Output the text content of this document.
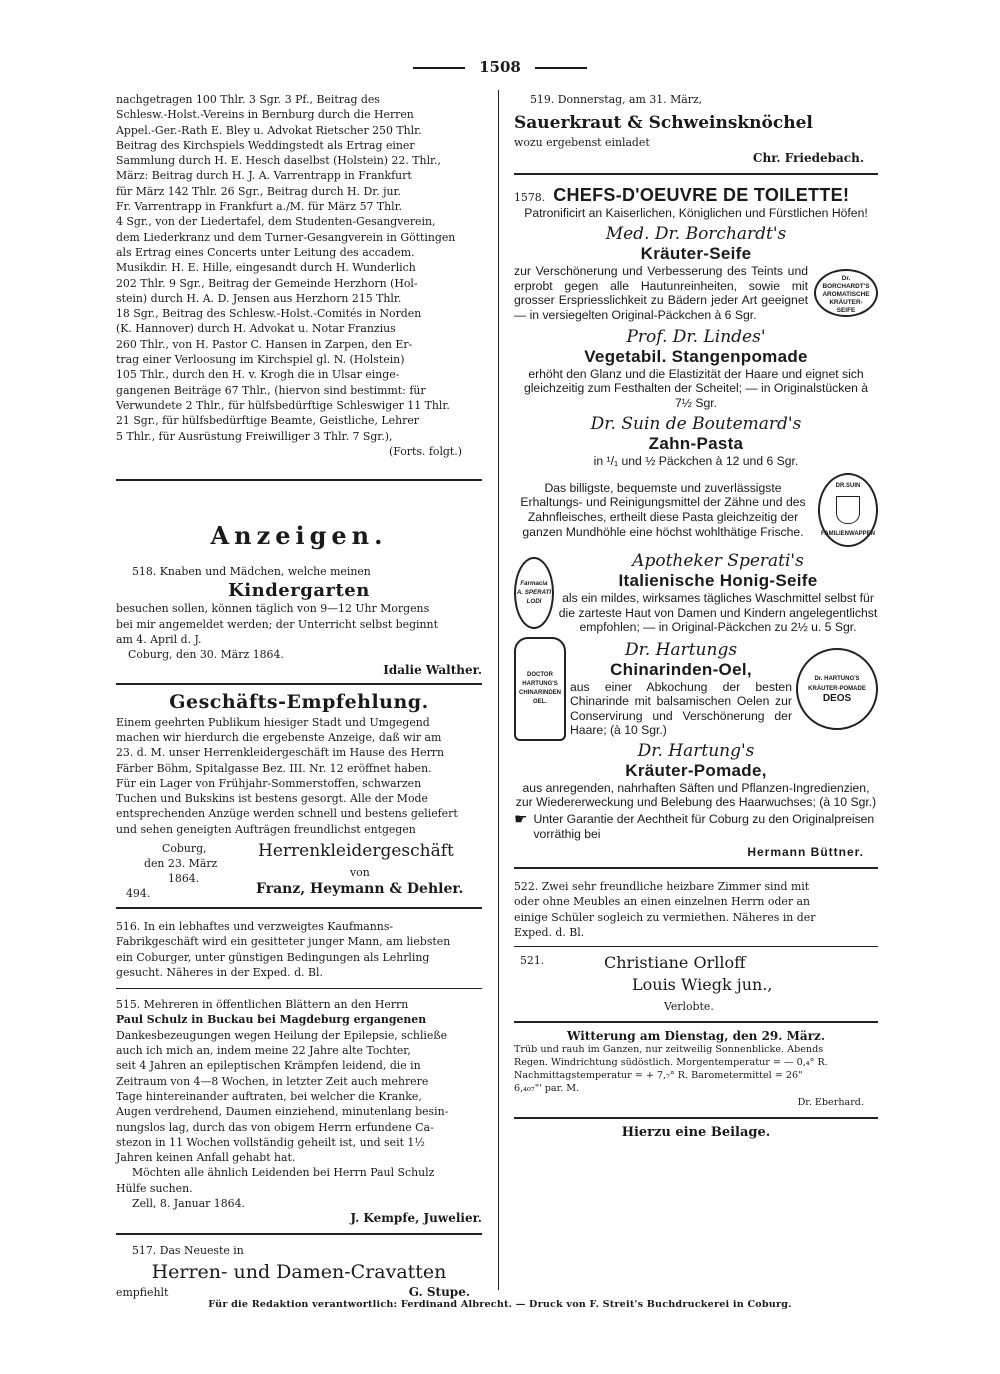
1508

nachgetragen 100 Thlr. 3 Sgr. 3 Pf., Beitrag des

Schlesw.-Holst.-Vereins in Bernburg durch die Herren

Appel.-Ger.-Rath E. Bley u. Advokat Rietscher 250 Thlr.

Beitrag des Kirchspiels Weddingstedt als Ertrag einer

Sammlung durch H. E. Hesch daselbst (Holstein) 22. Thlr.,

März: Beitrag durch H. J. A. Varrentrapp in Frankfurt

für März 142 Thlr. 26 Sgr., Beitrag durch H. Dr. jur.

Fr. Varrentrapp in Frankfurt a./M. für März 57 Thlr.

4 Sgr., von der Liedertafel, dem Studenten-Gesangverein,

dem Liederkranz und dem Turner-Gesangverein in Göttingen

als Ertrag eines Concerts unter Leitung des accadem.

Musikdir. H. E. Hille, eingesandt durch H. Wunderlich

202 Thlr. 9 Sgr., Beitrag der Gemeinde Herzhorn (Hol-

stein) durch H. A. D. Jensen aus Herzhorn 215 Thlr.

18 Sgr., Beitrag des Schlesw.-Holst.-Comités in Norden

(K. Hannover) durch H. Advokat u. Notar Franzius

260 Thlr., von H. Pastor C. Hansen in Zarpen, den Er-

trag einer Verloosung im Kirchspiel gl. N. (Holstein)

105 Thlr., durch den H. v. Krogh die in Ulsar einge-

gangenen Beiträge 67 Thlr., (hiervon sind bestimmt: für

Verwundete 2 Thlr., für hülfsbedürftige Schleswiger 11 Thlr.

21 Sgr., für hülfsbedürftige Beamte, Geistliche, Lehrer

5 Thlr., für Ausrüstung Freiwilliger 3 Thlr. 7 Sgr.),

(Forts. folgt.)

Anzeigen.

518. Knaben und Mädchen, welche meinen

Kindergarten

besuchen sollen, können täglich von 9—12 Uhr Morgens

bei mir angemeldet werden; der Unterricht selbst beginnt

am 4. April d. J.

Coburg, den 30. März 1864.

Idalie Walther.

Geschäfts-Empfehlung.

Einem geehrten Publikum hiesiger Stadt und Umgegend

machen wir hierdurch die ergebenste Anzeige, daß wir am

23. d. M. unser Herrenkleidergeschäft im Hause des Herrn

Färber Böhm, Spitalgasse Bez. III. Nr. 12 eröffnet haben.

Für ein Lager von Frühjahr-Sommerstoffen, schwarzen

Tuchen und Bukskins ist bestens gesorgt. Alle der Mode

entsprechenden Anzüge werden schnell und bestens geliefert

und sehen geneigten Aufträgen freundlichst entgegen

Coburg,
den 23. März
1864.
494.
Herrenkleidergeschäft
von
Franz, Heymann & Dehler.

516. In ein lebhaftes und verzweigtes Kaufmanns-

Fabrikgeschäft wird ein gesitteter junger Mann, am liebsten

ein Coburger, unter günstigen Bedingungen als Lehrling

gesucht. Näheres in der Exped. d. Bl.

515. Mehreren in öffentlichen Blättern an den Herrn

Paul Schulz in Buckau bei Magdeburg ergangenen

Dankesbezeugungen wegen Heilung der Epilepsie, schließe

auch ich mich an, indem meine 22 Jahre alte Tochter,

seit 4 Jahren an epileptischen Krämpfen leidend, die in

Zeitraum von 4—8 Wochen, in letzter Zeit auch mehrere

Tage hintereinander auftraten, bei welcher die Kranke,

Augen verdrehend, Daumen einziehend, minutenlang besin-

nungslos lag, durch das von obigem Herrn erfundene Ca-

stezon in 11 Wochen vollständig geheilt ist, und seit 1½

Jahren keinen Anfall gehabt hat.

Möchten alle ähnlich Leidenden bei Herrn Paul Schulz

Hülfe suchen.

Zell, 8. Januar 1864.

J. Kempfe, Juwelier.

517. Das Neueste in

Herren- und Damen-Cravatten
empfiehlt	G. Stupe.

519. Donnerstag, am 31. März,

Sauerkraut & Schweinsknöchel

wozu ergebenst einladet

Chr. Friedebach.

1578. CHEFS-D'OEUVRE DE TOILETTE!

Patronificirt an Kaiserlichen, Königlichen und Fürstlichen Höfen!

Med. Dr. Borchardt's
Kräuter-Seife

zur Verschönerung und Verbesserung des Teints und erprobt gegen alle Hautunreinheiten, sowie mit grosser Erspriesslichkeit zu Bädern jeder Art geeignet — in versiegelten Original-Päckchen à 6 Sgr.

Dr.
BORCHARDT'S
AROMATISCHE
KRÄUTER-
SEIFE
Prof. Dr. Lindes'
Vegetabil. Stangenpomade

erhöht den Glanz und die Elastizität der Haare und eignet sich gleichzeitig zum Festhalten der Scheitel; — in Originalstücken à 7½ Sgr.

Dr. Suin de Boutemard's
Zahn-Pasta

in ¹/₁ und ½ Päckchen à 12 und 6 Sgr.

Das billigste, bequemste und zuverlässigste Erhaltungs- und Reinigungsmittel der Zähne und des Zahnfleisches, ertheilt diese Pasta gleichzeitig der ganzen Mundhöhle eine höchst wohlthätige Frische.

DR.SUIN
FAMILIENWAPPEN
Farmacia
A. SPERATI
LODI
Apotheker Sperati's
Italienische Honig-Seife

als ein mildes, wirksames tägliches Waschmittel selbst für die zarteste Haut von Damen und Kindern angelegentlichst empfohlen; — in Original-Päckchen zu 2½ u. 5 Sgr.

DOCTOR
HARTUNG'S
CHINARINDEN
OEL.
Dr. Hartungs
Chinarinden-Oel,

aus einer Abkochung der besten Chinarinde mit balsamischen Oelen zur Conservirung und Verschönerung der Haare; (à 10 Sgr.)

Dr. HARTUNG'S
KRÄUTER-POMADE
DEOS
Dr. Hartung's
Kräuter-Pomade,

aus anregenden, nahrhaften Säften und Pflanzen-Ingredienzien, zur Wiedererweckung und Belebung des Haarwuchses; (à 10 Sgr.)

☛ Unter Garantie der Aechtheit für Coburg zu den Originalpreisen vorräthig bei

Hermann Büttner.

522. Zwei sehr freundliche heizbare Zimmer sind mit

oder ohne Meubles an einen einzelnen Herrn oder an

einige Schüler sogleich zu vermiethen. Näheres in der

Exped. d. Bl.

521.	Christiane Orlloff
Louis Wiegk jun.,
Verlobte.
Witterung am Dienstag, den 29. März.

Trüb und rauh im Ganzen, nur zeitweilig Sonnenblicke. Abends

Regen. Windrichtung südöstlich. Morgentemperatur = — 0,₄° R.

Nachmittagstemperatur = + 7,₇° R. Barometermittel = 26"

6,₄₀₇"' par. M.

Dr. Eberhard.

Hierzu eine Beilage.
Für die Redaktion verantwortlich: Ferdinand Albrecht. — Druck von F. Streit's Buchdruckerei in Coburg.
